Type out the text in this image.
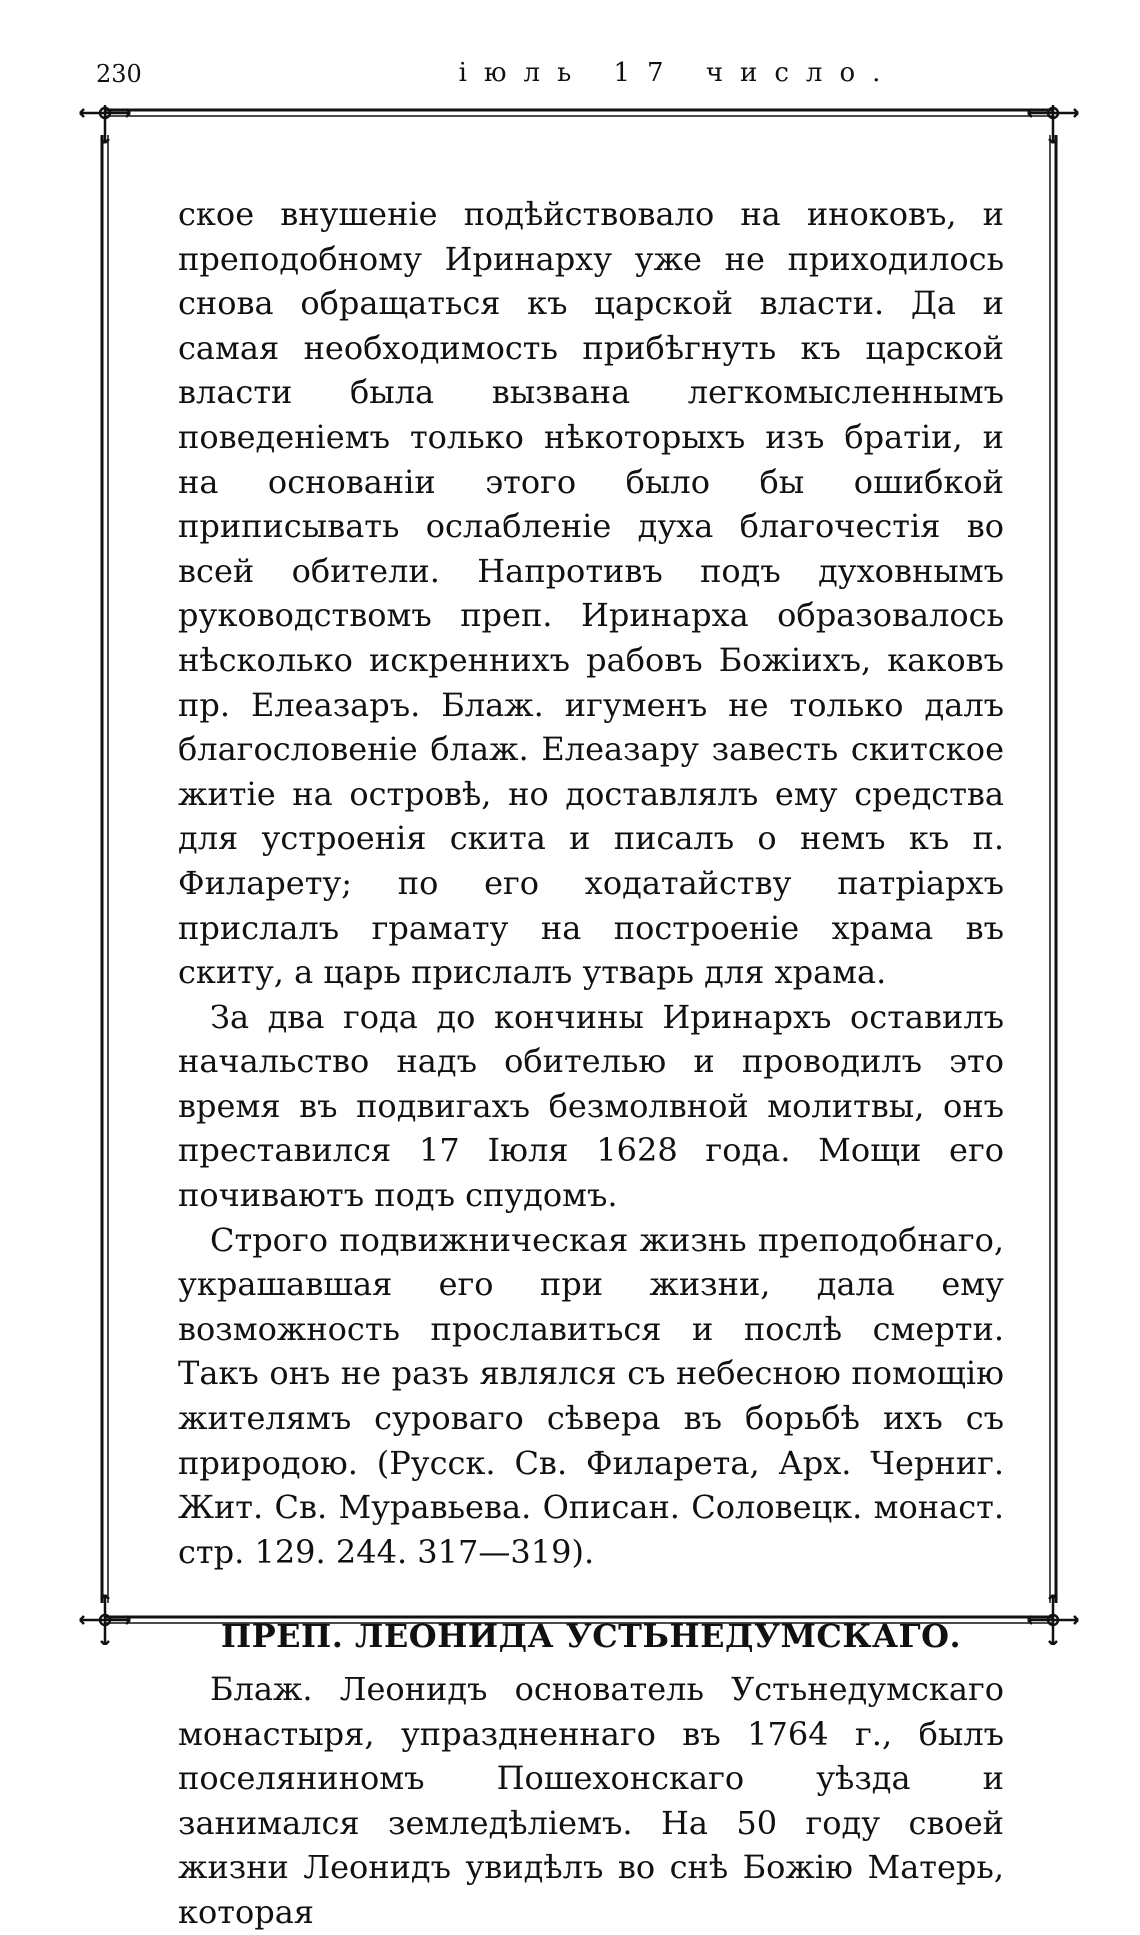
230	іюль 17 число.

ское внушеніе подѣйствовало на иноковъ, и преподобному Иринарху уже не приходилось снова обращаться къ царской власти. Да и самая необходимость прибѣгнуть къ царской власти была вызвана легкомысленнымъ поведеніемъ только нѣкоторыхъ изъ братіи, и на основаніи этого было бы ошибкой приписывать ослабленіе духа благочестія во всей обители. Напротивъ подъ духовнымъ руководствомъ преп. Иринарха образовалось нѣсколько искреннихъ рабовъ Божіихъ, каковъ пр. Елеазаръ. Блаж. игуменъ не только далъ благословеніе блаж. Елеазару завесть скитское житіе на островѣ, но доставлялъ ему средства для устроенія скита и писалъ о немъ къ п. Филарету; по его ходатайству патріархъ прислалъ грамату на построеніе храма въ скиту, а царь прислалъ утварь для храма.

За два года до кончины Иринархъ оставилъ начальство надъ обителью и проводилъ это время въ подвигахъ безмолвной молитвы, онъ преставился 17 Іюля 1628 года. Мощи его почиваютъ подъ спудомъ.

Строго подвижническая жизнь преподобнаго, украшавшая его при жизни, дала ему возможность прославиться и послѣ смерти. Такъ онъ не разъ являлся съ небесною помощію жителямъ суроваго сѣвера въ борьбѣ ихъ съ природою. (Русск. Св. Филарета, Арх. Черниг. Жит. Св. Муравьева. Описан. Соловецк. монаст. стр. 129. 244. 317—319).

ПРЕП. ЛЕОНИДА УСТЬНЕДУМСКАГО.

Блаж. Леонидъ основатель Устьнедумскаго монастыря, упраздненнаго въ 1764 г., былъ поселяниномъ Пошехонскаго уѣзда и занимался земледѣліемъ. На 50 году своей жизни Леонидъ увидѣлъ во снѣ Божію Матерь, которая
